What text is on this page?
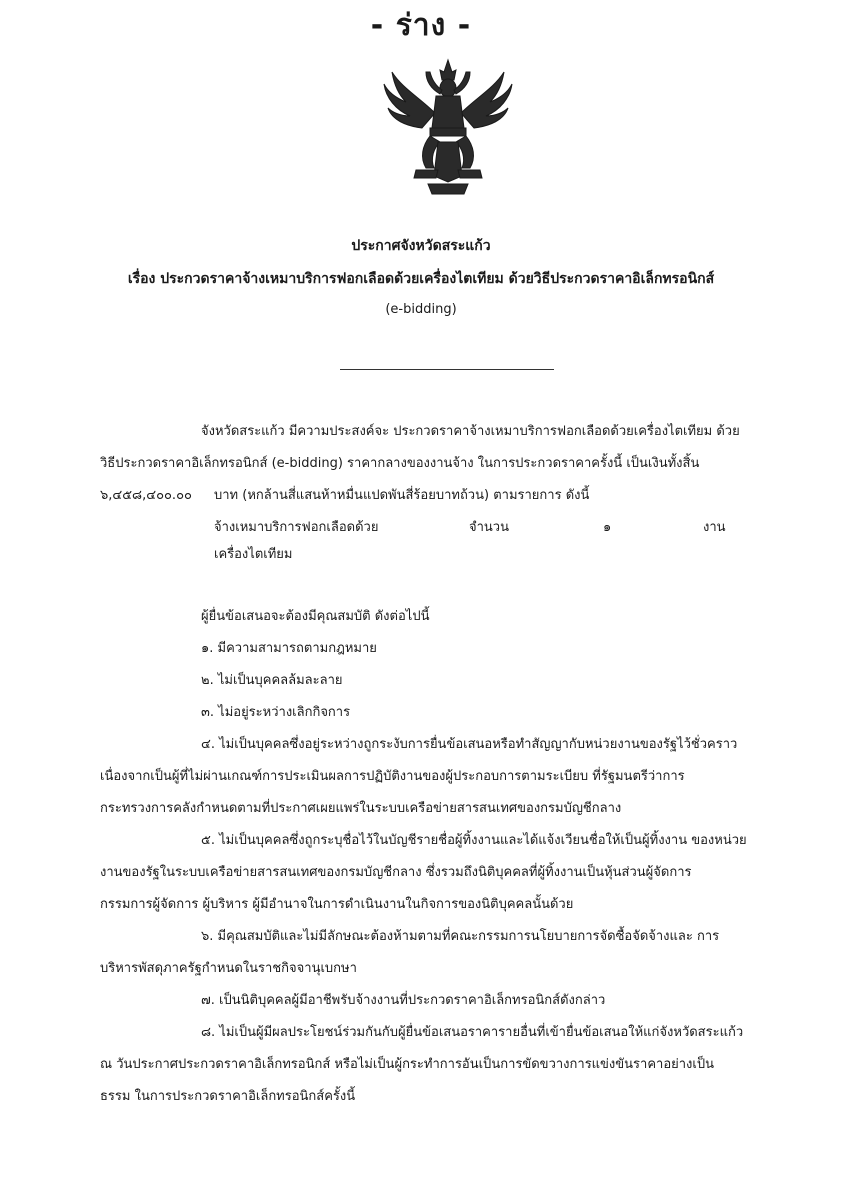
- ร่าง -
ประกาศจังหวัดสระแก้ว
เรื่อง ประกวดราคาจ้างเหมาบริการฟอกเลือดด้วยเครื่องไตเทียม ด้วยวิธีประกวดราคาอิเล็กทรอนิกส์
(e-bidding)
จังหวัดสระแก้ว มีความประสงค์จะ ประกวดราคาจ้างเหมาบริการฟอกเลือดด้วยเครื่องไตเทียม ด้วย
วิธีประกวดราคาอิเล็กทรอนิกส์ (e-bidding) ราคากลางของงานจ้าง ในการประกวดราคาครั้งนี้ เป็นเงินทั้งสิ้น
๖,๔๕๘,๔๐๐.๐๐ บาท (หกล้านสี่แสนห้าหมื่นแปดพันสี่ร้อยบาทถ้วน) ตามรายการ ดังนี้
จ้างเหมาบริการฟอกเลือดด้วย	จำนวน	๑	งาน
เครื่องไตเทียม
ผู้ยื่นข้อเสนอจะต้องมีคุณสมบัติ ดังต่อไปนี้
๑. มีความสามารถตามกฎหมาย
๒. ไม่เป็นบุคคลล้มละลาย
๓. ไม่อยู่ระหว่างเลิกกิจการ
๔. ไม่เป็นบุคคลซึ่งอยู่ระหว่างถูกระงับการยื่นข้อเสนอหรือทำสัญญากับหน่วยงานของรัฐไว้ชั่วคราว
เนื่องจากเป็นผู้ที่ไม่ผ่านเกณฑ์การประเมินผลการปฏิบัติงานของผู้ประกอบการตามระเบียบ ที่รัฐมนตรีว่าการ
กระทรวงการคลังกำหนดตามที่ประกาศเผยแพร่ในระบบเครือข่ายสารสนเทศของกรมบัญชีกลาง
๕. ไม่เป็นบุคคลซึ่งถูกระบุชื่อไว้ในบัญชีรายชื่อผู้ทิ้งงานและได้แจ้งเวียนชื่อให้เป็นผู้ทิ้งงาน ของหน่วย
งานของรัฐในระบบเครือข่ายสารสนเทศของกรมบัญชีกลาง ซึ่งรวมถึงนิติบุคคลที่ผู้ทิ้งงานเป็นหุ้นส่วนผู้จัดการ
กรรมการผู้จัดการ ผู้บริหาร ผู้มีอำนาจในการดำเนินงานในกิจการของนิติบุคคลนั้นด้วย
๖. มีคุณสมบัติและไม่มีลักษณะต้องห้ามตามที่คณะกรรมการนโยบายการจัดซื้อจัดจ้างและ การ
บริหารพัสดุภาครัฐกำหนดในราชกิจจานุเบกษา
๗. เป็นนิติบุคคลผู้มีอาชีพรับจ้างงานที่ประกวดราคาอิเล็กทรอนิกส์ดังกล่าว
๘. ไม่เป็นผู้มีผลประโยชน์ร่วมกันกับผู้ยื่นข้อเสนอราคารายอื่นที่เข้ายื่นข้อเสนอให้แก่จังหวัดสระแก้ว
ณ วันประกาศประกวดราคาอิเล็กทรอนิกส์ หรือไม่เป็นผู้กระทำการอันเป็นการขัดขวางการแข่งขันราคาอย่างเป็น
ธรรม ในการประกวดราคาอิเล็กทรอนิกส์ครั้งนี้
